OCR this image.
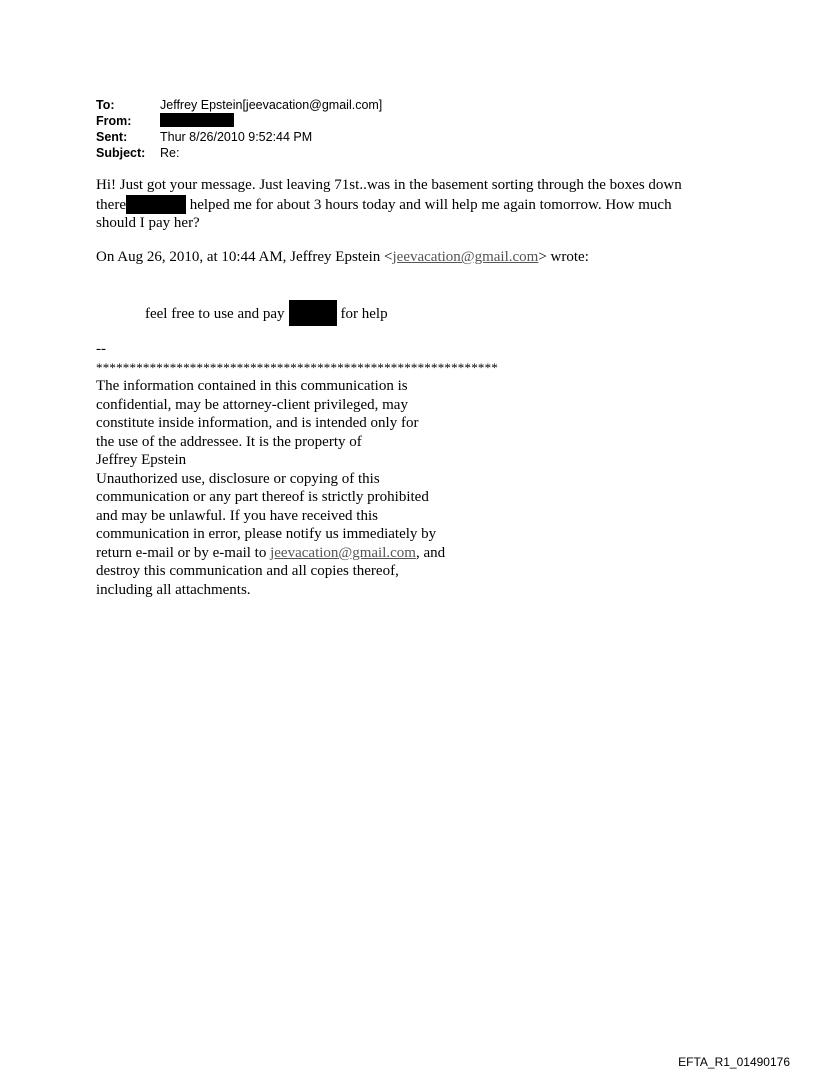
To:	Jeffrey Epstein[jeevacation@gmail.com]
From:
Sent:	Thur 8/26/2010 9:52:44 PM
Subject:	Re:
Hi! Just got your message. Just leaving 71st..was in the basement sorting through the boxes down
there	helped me for about 3 hours today and will help me again tomorrow. How much
should I pay her?
On Aug 26, 2010, at 10:44 AM, Jeffrey Epstein <jeevacation@gmail.com> wrote:
feel free to use and pay	for help
--
************************************************************
The information contained in this communication is
confidential, may be attorney-client privileged, may
constitute inside information, and is intended only for
the use of the addressee. It is the property of
Jeffrey Epstein
Unauthorized use, disclosure or copying of this
communication or any part thereof is strictly prohibited
and may be unlawful. If you have received this
communication in error, please notify us immediately by
return e-mail or by e-mail to jeevacation@gmail.com, and
destroy this communication and all copies thereof,
including all attachments.
EFTA_R1_01490176
